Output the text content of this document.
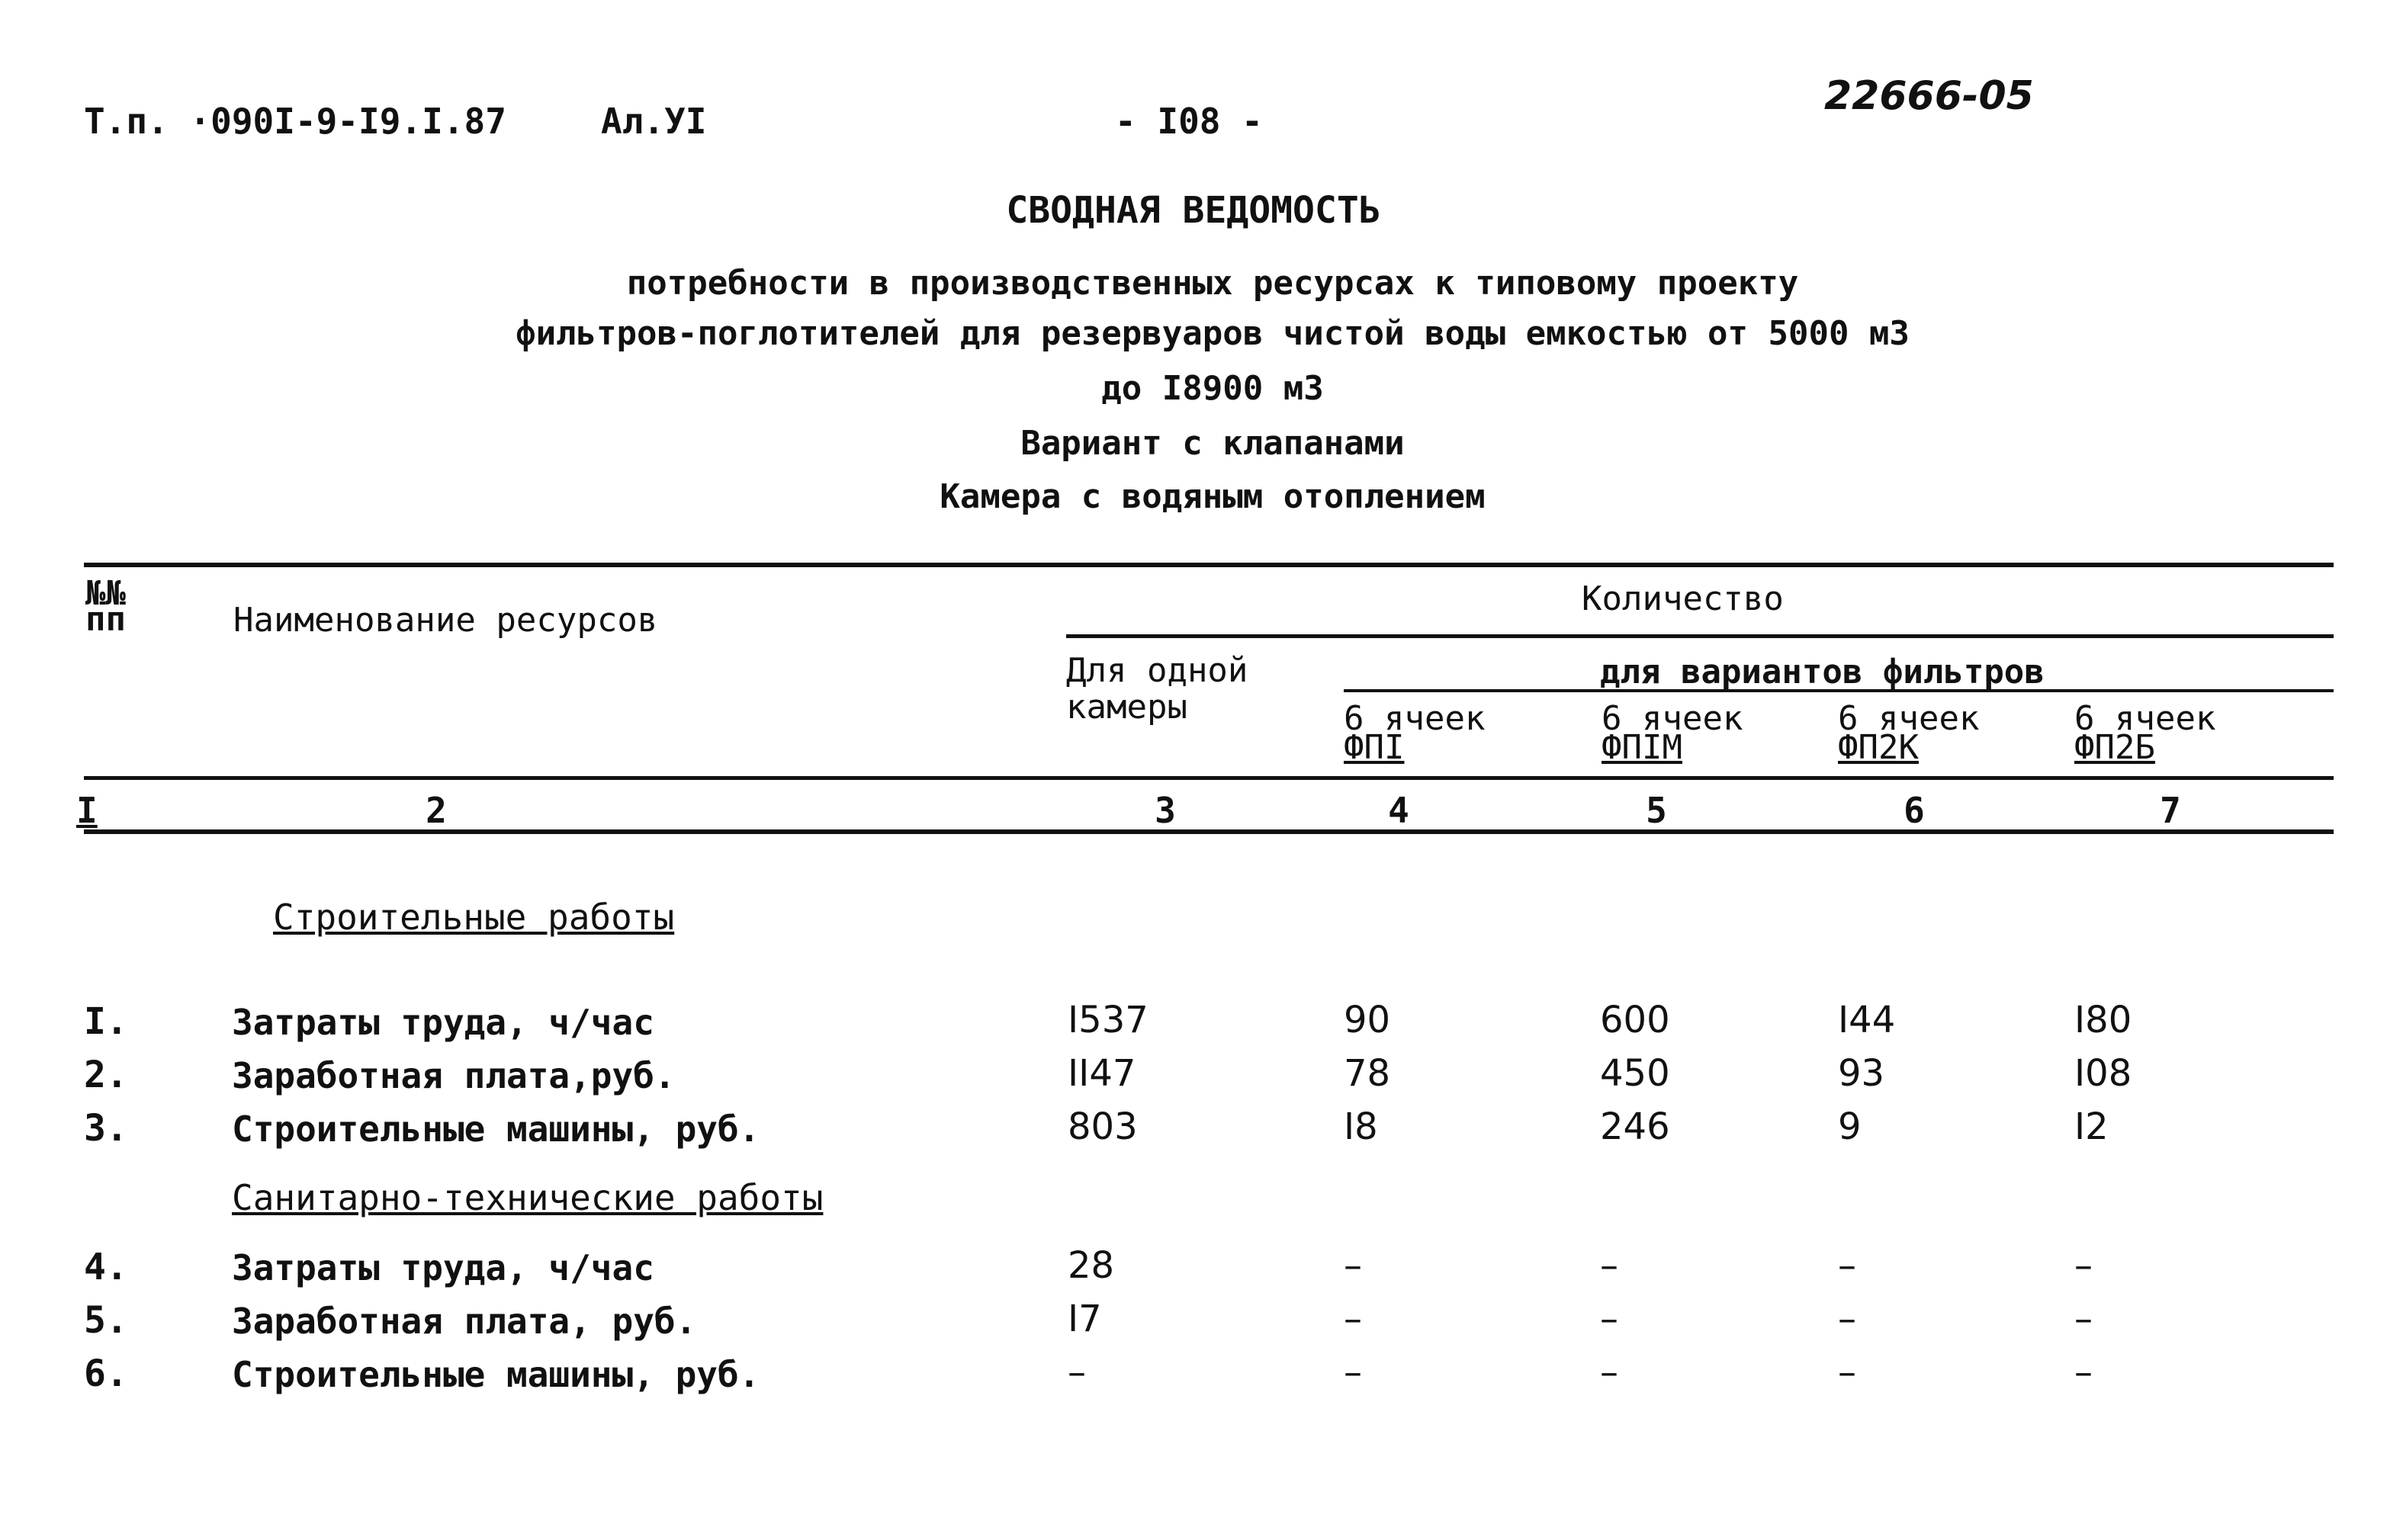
Т.п. ·090I-9-I9.I.87	Ал.УI	- I08 -
22666-05
СВОДНАЯ ВЕДОМОСТЬ
потребности в производственных ресурсах к типовому проекту
фильтров-поглотителей для резервуаров чистой воды емкостью от 5000 м3
до I8900 м3
Вариант с клапанами
Камера с водяным отоплением
№№
пп	Наименование ресурсов
Количество
Для одной
камеры
для вариантов фильтров
6 ячеек
ФПI
6 ячеек
ФПIМ
6 ячеек
ФП2К
6 ячеек
ФП2Б
I	2	3	4	5	6	7
Строительные работы
I.	Затраты труда, ч/час	I537	90	600	I44	I80
2.	Заработная плата,руб.	II47	78	450	93	I08
3.	Строительные машины, руб.	803	I8	246	9	I2
Санитарно-технические работы
4.	Затраты труда, ч/час	28	–	–	–	–
5.	Заработная плата, руб.	I7	–	–	–	–
6.	Строительные машины, руб.	–	–	–	–	–
